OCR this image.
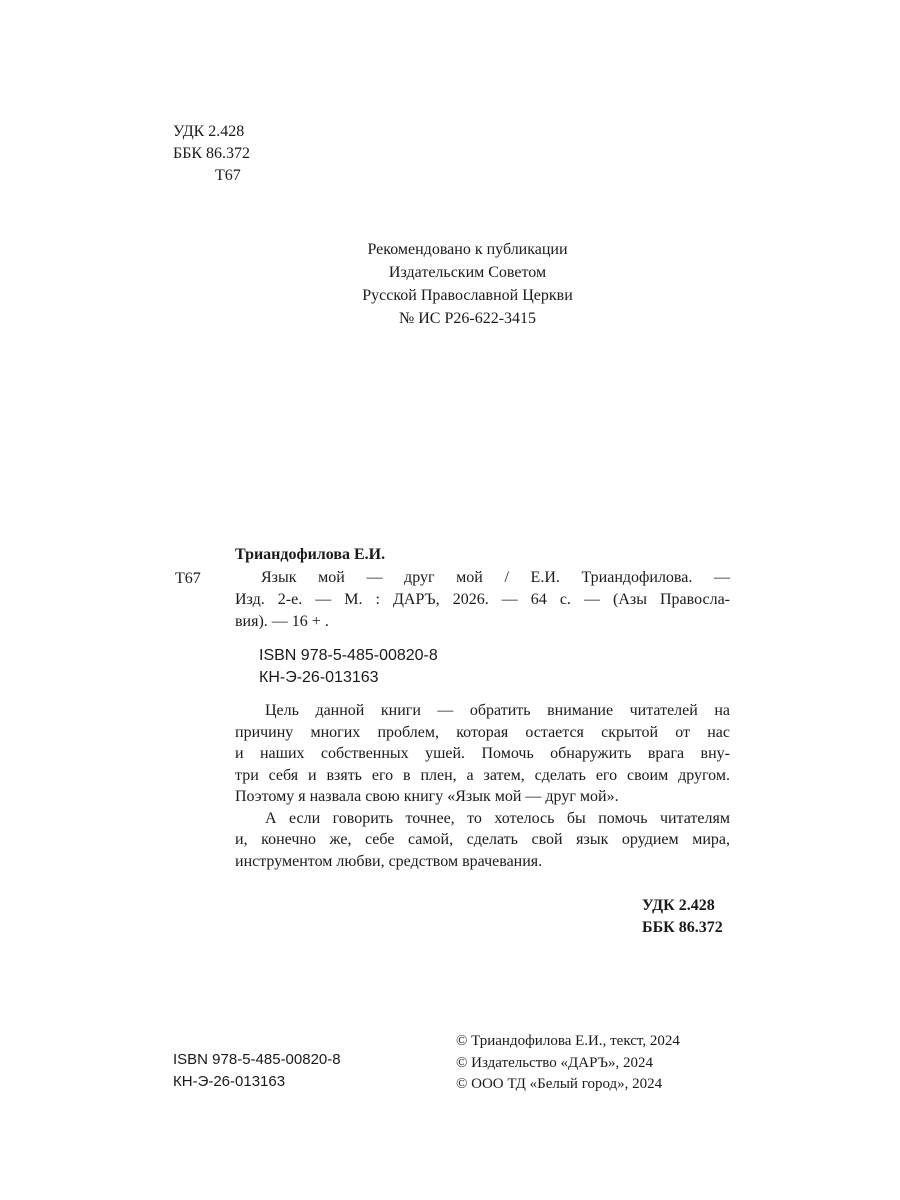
УДК 2.428
ББК 86.372
Т67
Рекомендовано к публикации
Издательским Советом
Русской Православной Церкви
№ ИС Р26-622-3415
Триандофилова Е.И.
Т67	Язык мой — друг мой / Е.И. Триандофилова. —
Изд. 2-е. — М. : ДАРЪ, 2026. — 64 с. — (Азы Правосла-
вия). — 16 + .
ISBN 978-5-485-00820-8
КН-Э-26-013163
Цель данной книги — обратить внимание читателей на
причину многих проблем, которая остается скрытой от нас
и наших собственных ушей. Помочь обнаружить врага вну-
три себя и взять его в плен, а затем, сделать его своим другом.
Поэтому я назвала свою книгу «Язык мой — друг мой».
А если говорить точнее, то хотелось бы помочь читателям
и, конечно же, себе самой, сделать свой язык орудием мира,
инструментом любви, средством врачевания.
УДК 2.428
ББК 86.372
ISBN 978-5-485-00820-8
КН-Э-26-013163
© Триандофилова Е.И., текст, 2024
© Издательство «ДАРЪ», 2024
© ООО ТД «Белый город», 2024
